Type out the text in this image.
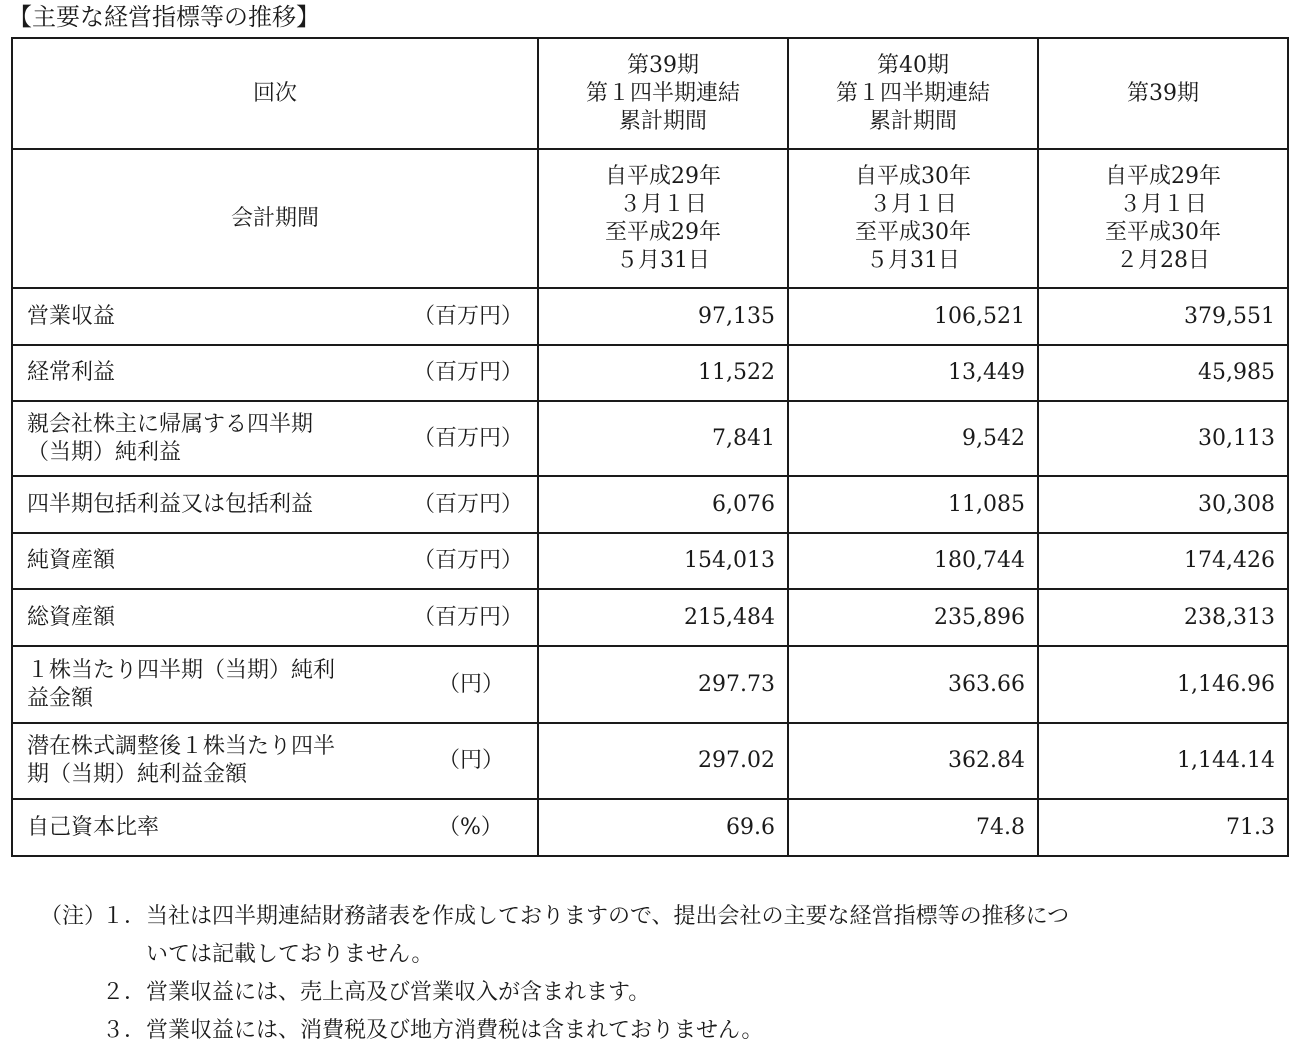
【主要な経営指標等の推移】
回次	第39期
第１四半期連結
累計期間	第40期
第１四半期連結
累計期間	第39期

会計期間	自平成29年
３月１日
至平成29年
５月31日	自平成30年
３月１日
至平成30年
５月31日	自平成29年
３月１日
至平成30年
２月28日

営業収益 （百万円）	97,135	106,521	379,551

経常利益 （百万円）	11,522	13,449	45,985

親会社株主に帰属する四半期
（当期）純利益
（百万円）	7,841	9,542	30,113

四半期包括利益又は包括利益 （百万円）	6,076	11,085	30,308

純資産額 （百万円）	154,013	180,744	174,426

総資産額 （百万円）	215,484	235,896	238,313

１株当たり四半期（当期）純利
益金額
（円）	297.73	363.66	1,146.96

潜在株式調整後１株当たり四半
期（当期）純利益金額
（円）	297.02	362.84	1,144.14

自己資本比率 （%）	69.6	74.8	71.3
（注）
１． 当社は四半期連結財務諸表を作成しておりますので、提出会社の主要な経営指標等の推移につ
いては記載しておりません。
２． 営業収益には、売上高及び営業収入が含まれます。
３． 営業収益には、消費税及び地方消費税は含まれておりません。
